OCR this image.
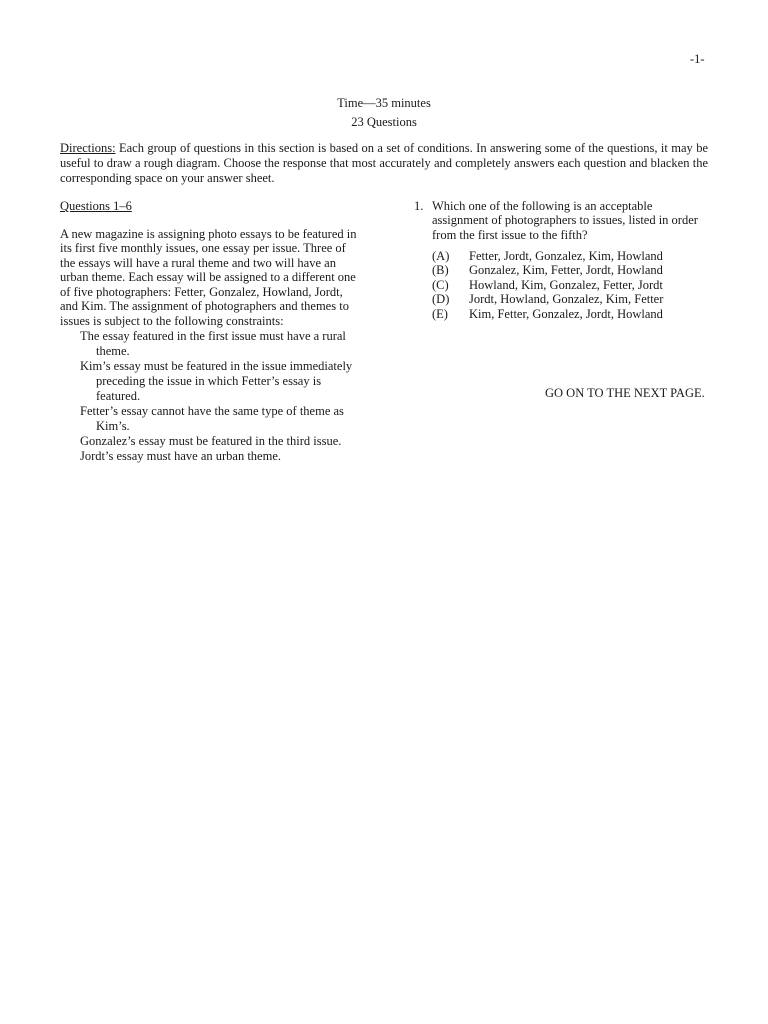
-1-
Time—35 minutes
23 Questions
Directions: Each group of questions in this section is based on a set of conditions. In answering some of the questions, it may be useful to draw a rough diagram. Choose the response that most accurately and completely answers each question and blacken the corresponding space on your answer sheet.
Questions 1–6
A new magazine is assigning photo essays to be featured in its first five monthly issues, one essay per issue. Three of the essays will have a rural theme and two will have an urban theme. Each essay will be assigned to a different one of five photographers: Fetter, Gonzalez, Howland, Jordt, and Kim. The assignment of photographers and themes to issues is subject to the following constraints:
The essay featured in the first issue must have a rural theme.
Kim’s essay must be featured in the issue immediately preceding the issue in which Fetter’s essay is featured.
Fetter’s essay cannot have the same type of theme as Kim’s.
Gonzalez’s essay must be featured in the third issue.
Jordt’s essay must have an urban theme.
1. Which one of the following is an acceptable assignment of photographers to issues, listed in order from the first issue to the fifth?
(A)	Fetter, Jordt, Gonzalez, Kim, Howland
(B)	Gonzalez, Kim, Fetter, Jordt, Howland
(C)	Howland, Kim, Gonzalez, Fetter, Jordt
(D)	Jordt, Howland, Gonzalez, Kim, Fetter
(E)	Kim, Fetter, Gonzalez, Jordt, Howland
GO ON TO THE NEXT PAGE.
